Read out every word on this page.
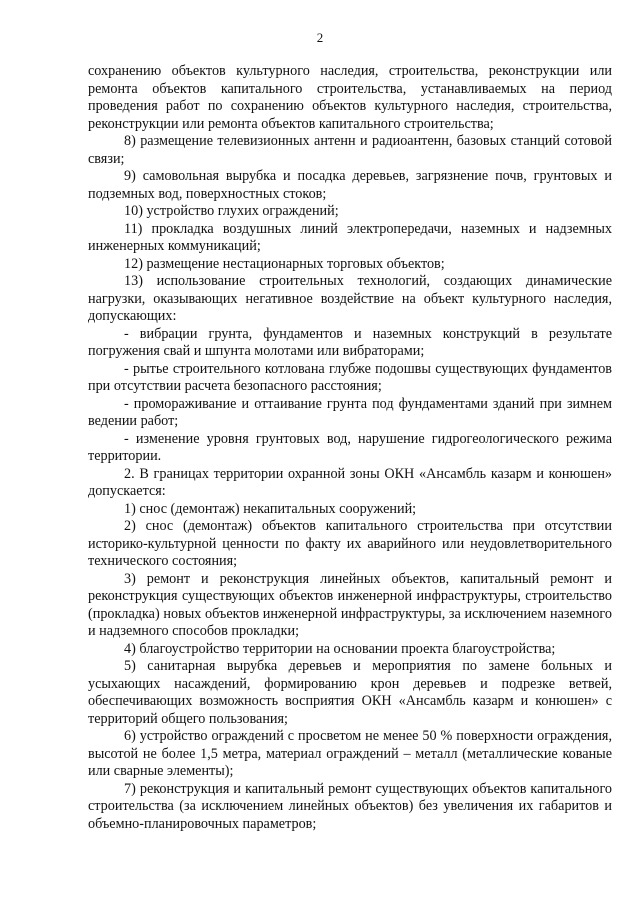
2

сохранению объектов культурного наследия, строительства, реконструкции или ремонта объектов капитального строительства, устанавливаемых на период проведения работ по сохранению объектов культурного наследия, строительства, реконструкции или ремонта объектов капитального строительства;

8) размещение телевизионных антенн и радиоантенн, базовых станций сотовой связи;

9) самовольная вырубка и посадка деревьев, загрязнение почв, грунтовых и подземных вод, поверхностных стоков;

10) устройство глухих ограждений;

11) прокладка воздушных линий электропередачи, наземных и надземных инженерных коммуникаций;

12) размещение нестационарных торговых объектов;

13) использование строительных технологий, создающих динамические нагрузки, оказывающих негативное воздействие на объект культурного наследия, допускающих:

- вибрации грунта, фундаментов и наземных конструкций в результате погружения свай и шпунта молотами или вибраторами;

- рытье строительного котлована глубже подошвы существующих фундаментов при отсутствии расчета безопасного расстояния;

- промораживание и оттаивание грунта под фундаментами зданий при зимнем ведении работ;

- изменение уровня грунтовых вод, нарушение гидрогеологического режима территории.

2. В границах территории охранной зоны ОКН «Ансамбль казарм и конюшен» допускается:

1) снос (демонтаж) некапитальных сооружений;

2) снос (демонтаж) объектов капитального строительства при отсутствии историко-культурной ценности по факту их аварийного или неудовлетворительного технического состояния;

3) ремонт и реконструкция линейных объектов, капитальный ремонт и реконструкция существующих объектов инженерной инфраструктуры, строительство (прокладка) новых объектов инженерной инфраструктуры, за исключением наземного и надземного способов прокладки;

4) благоустройство территории на основании проекта благоустройства;

5) санитарная вырубка деревьев и мероприятия по замене больных и усыхающих насаждений, формированию крон деревьев и подрезке ветвей, обеспечивающих возможность восприятия ОКН «Ансамбль казарм и конюшен» с территорий общего пользования;

6) устройство ограждений с просветом не менее 50 % поверхности ограждения, высотой не более 1,5 метра, материал ограждений – металл (металлические кованые или сварные элементы);

7) реконструкция и капитальный ремонт существующих объектов капитального строительства (за исключением линейных объектов) без увеличения их габаритов и объемно-планировочных параметров;
